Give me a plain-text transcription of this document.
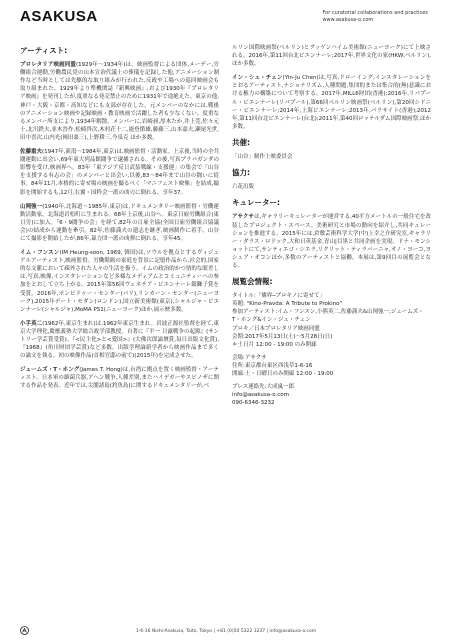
ASAKUSA	For curatorial collaborations and practices
www.asakusa-o.com
アーティスト:

プロレタリア映画同盟(1929年〜1934年)は、映画監督による団体,メーデー,労働組合運動,労働農民党の山本宣治代議士の葬儀を記録した他,アニメーション制作など当時としては先駆的な取り組みが行われた,反政や工場への巡回映画会も取り組まれた。1929年より準機関誌『新興映画』,および1930年『プロレタリア映画』を発刊したが,度重なる発売禁止のために1931年で途絶えた。東京の他,神戸・大阪・京都・高知などにも支部が存在した。元メンバーのなかには,戦後のアニメーション映画や記録映画・教育映画で活躍した者も少なくない。度重なるメンバー所支により,1934年解散。メンバーに,岩崎昶,厚木たか,井上莞,佐々元十,北川鉄夫,並木晋作,松崎啓次,木村荘十二,能登節雄,藤藤三,山本嘉夫,瀬尾光世,田中喜次,山内光(岡田桑三),上野耕三,今泉克 ほか多数。

佐藤重夫(1947年,新潟〜1984年,東京)は,映画監督・活動家。上京後,当時の全共闘運動に出会い,69年東大列品館闘争で逮捕される。その後,写真プラバガンダの影響を受け,映画界へ。83年「東アジア反日武装戦線・支援運」の集会で「山谷を支援する有志の会」のメンバーと出会い,以後,83〜84年まで山谷の闘いに従事。84年11月,本格的に寄せ場の映画を撮るべく「マニフェスト映像」を結成,撮影を開始するも,12月,右翼・国粋会一派の凶刃に倒れる。享年37。

山岡強一(1940年,北海道〜1985年,東京)は,ドキュメンタリー映画監督・労働運動活動家。北海道岩松町に生まれる。68年上京後,山谷へ。東京日雇労働組合(東日労)に加入。「6・9闘争の会」を経て,82年の日雇全協(全国日雇労働組合協議会)の結成から運動を牽引。82年,佐藤満夫の遺志を継ぎ,映画制作に着手。山谷にて撮影を開始したが,86年,暴力団一派の凶弾に倒れる。享年45。

イム・フンスン(IM Heung-soon, 1969, 韓国)は,ソウルを拠点とするヴィジュアルアーティスト,映画監督。労働階級の家庭を背景に記憶作品から,社会的,国家的な文脈において疎外された人々の生活を扱う。イムの政治的かつ情的な眼差しは,写真,映像,インスタレーションなど多様なメディアムとコミュニティーへの参加をとおして立ち上がる。2015年第56回ヴェネチア・ビエンナーレ銀獅子賞を受賞。2016年,ポンピドゥー・センター(パリ),リンカーン・センター(ニューヨーク),2015年デート・モダン(ロンドン),国立新美術館(東京),シャルジャ・ビエンナーレ(シャルジャ),MoMA PS1(ニューヨーク)ほか,展示歴多数。

小手英二(1962年,東京生まれ)は,1962年東京生まれ。岩波正源社監督を経て,東京大学理化,慶應義塾大学総合政学部教授。自著に『平一 日露戦争の起源』(サントリー学芸賞受賞)、『<民主化>と<愛国>』(大佛次郎論壇賞,毎日出版文化賞),『1968』(角川財団学芸賞)など多数。出版学理論新学者から映画作品まで多くの論文を執る。初の映像作品(首相官邸の前で)(2015年)を完成させた。

ジェームズ・T・ホング(James T. Hong)は,台湾に拠点を置く映画監督・アーティスト。日本軍の細菌兵器,アヘン戦争,人種差別,またハイデガーやスピノザに関する作品を発表。近年では,尖閣諸島(釣魚島)に関するドキュメンタリーが,ベ

ルリン国際映画祭(ベルリン)とグッゲンハイム美術館(ニューヨーク)にて上映される。2016年,第11回台北ビエンナーレ;2017年,世界文化の家(HKW,ベルリン),ほか多数。

イン・シュ・チェン(Yin-Ju Chen)は,写真,ドローイング,インスタレーションをとおるアーティスト,ナショナリズム,人種問題,集団的または集合的(無)意識における権力の構築について考察する。2017年,MILL6財団(香港);2016年,リバプール・ビエンナーレ(リバプール),第66回ベルリン映画祭(ベルリン),第20回シドニー・ビエンナーレ;2014年,上海ビエンナーレ;2013年,パラサイト(香港);2012年,第11回台北ビエンナーレ(台北);2011年,第40回ロッテルダム国際映画祭,ほか多数。

共催:
「山谷」制作上映委員会
協力:
六花出版
キュレーター:

アサクサは,ギャラリーキュレーターが運営する,40平方メートルの一般住宅を改装したプロジェクト・スペース。美術研究と市場の動向を紹介し,共同キュレーションを推進する。2015年には,倉敷芸術科学大学(中)上幸之介研究室,ギャラリー・ダラス・ロドック,大和日英基金,青山|目黒と共同企画を実現。ドナ・モンショットにて,サンティエゴ・シエラ,リクリット・ティラバーニャ,オノ・ヨーコ,ヨシュア・オコンほか,多数のアーティストと協働。本展は,第9回目の展覧会となる。

展覧会情報:
タイトル:「燐界─プロキノに寄せて」
英題: "Kino-Pravda: A Tribute to Prokino"
参加アーティスト:イム・フンスン,小熊英二,佐藤満夫&山岡強一,ジェームズ・T・ホング&イン・ジュ・チェン
プロキ／日本プロレタリア映画同盟
会期:2017年5月13日(土)〜5月28日(日)
＊土日月 12:00 - 19:00 のみ開廊
会場:アサクサ
住所:東京都台東区西浅草1-6-16
開廊:土・日曜日のみ開廊 12:00 - 19:00
プレス連絡先:大成嵐一郎
info@asakusa-o.com
090-6346-3232
1-6-16 Nishi-Asakusa, Taito, Tokyo | +81 (0)50 5322 3237 | info@asakusa-o.com
